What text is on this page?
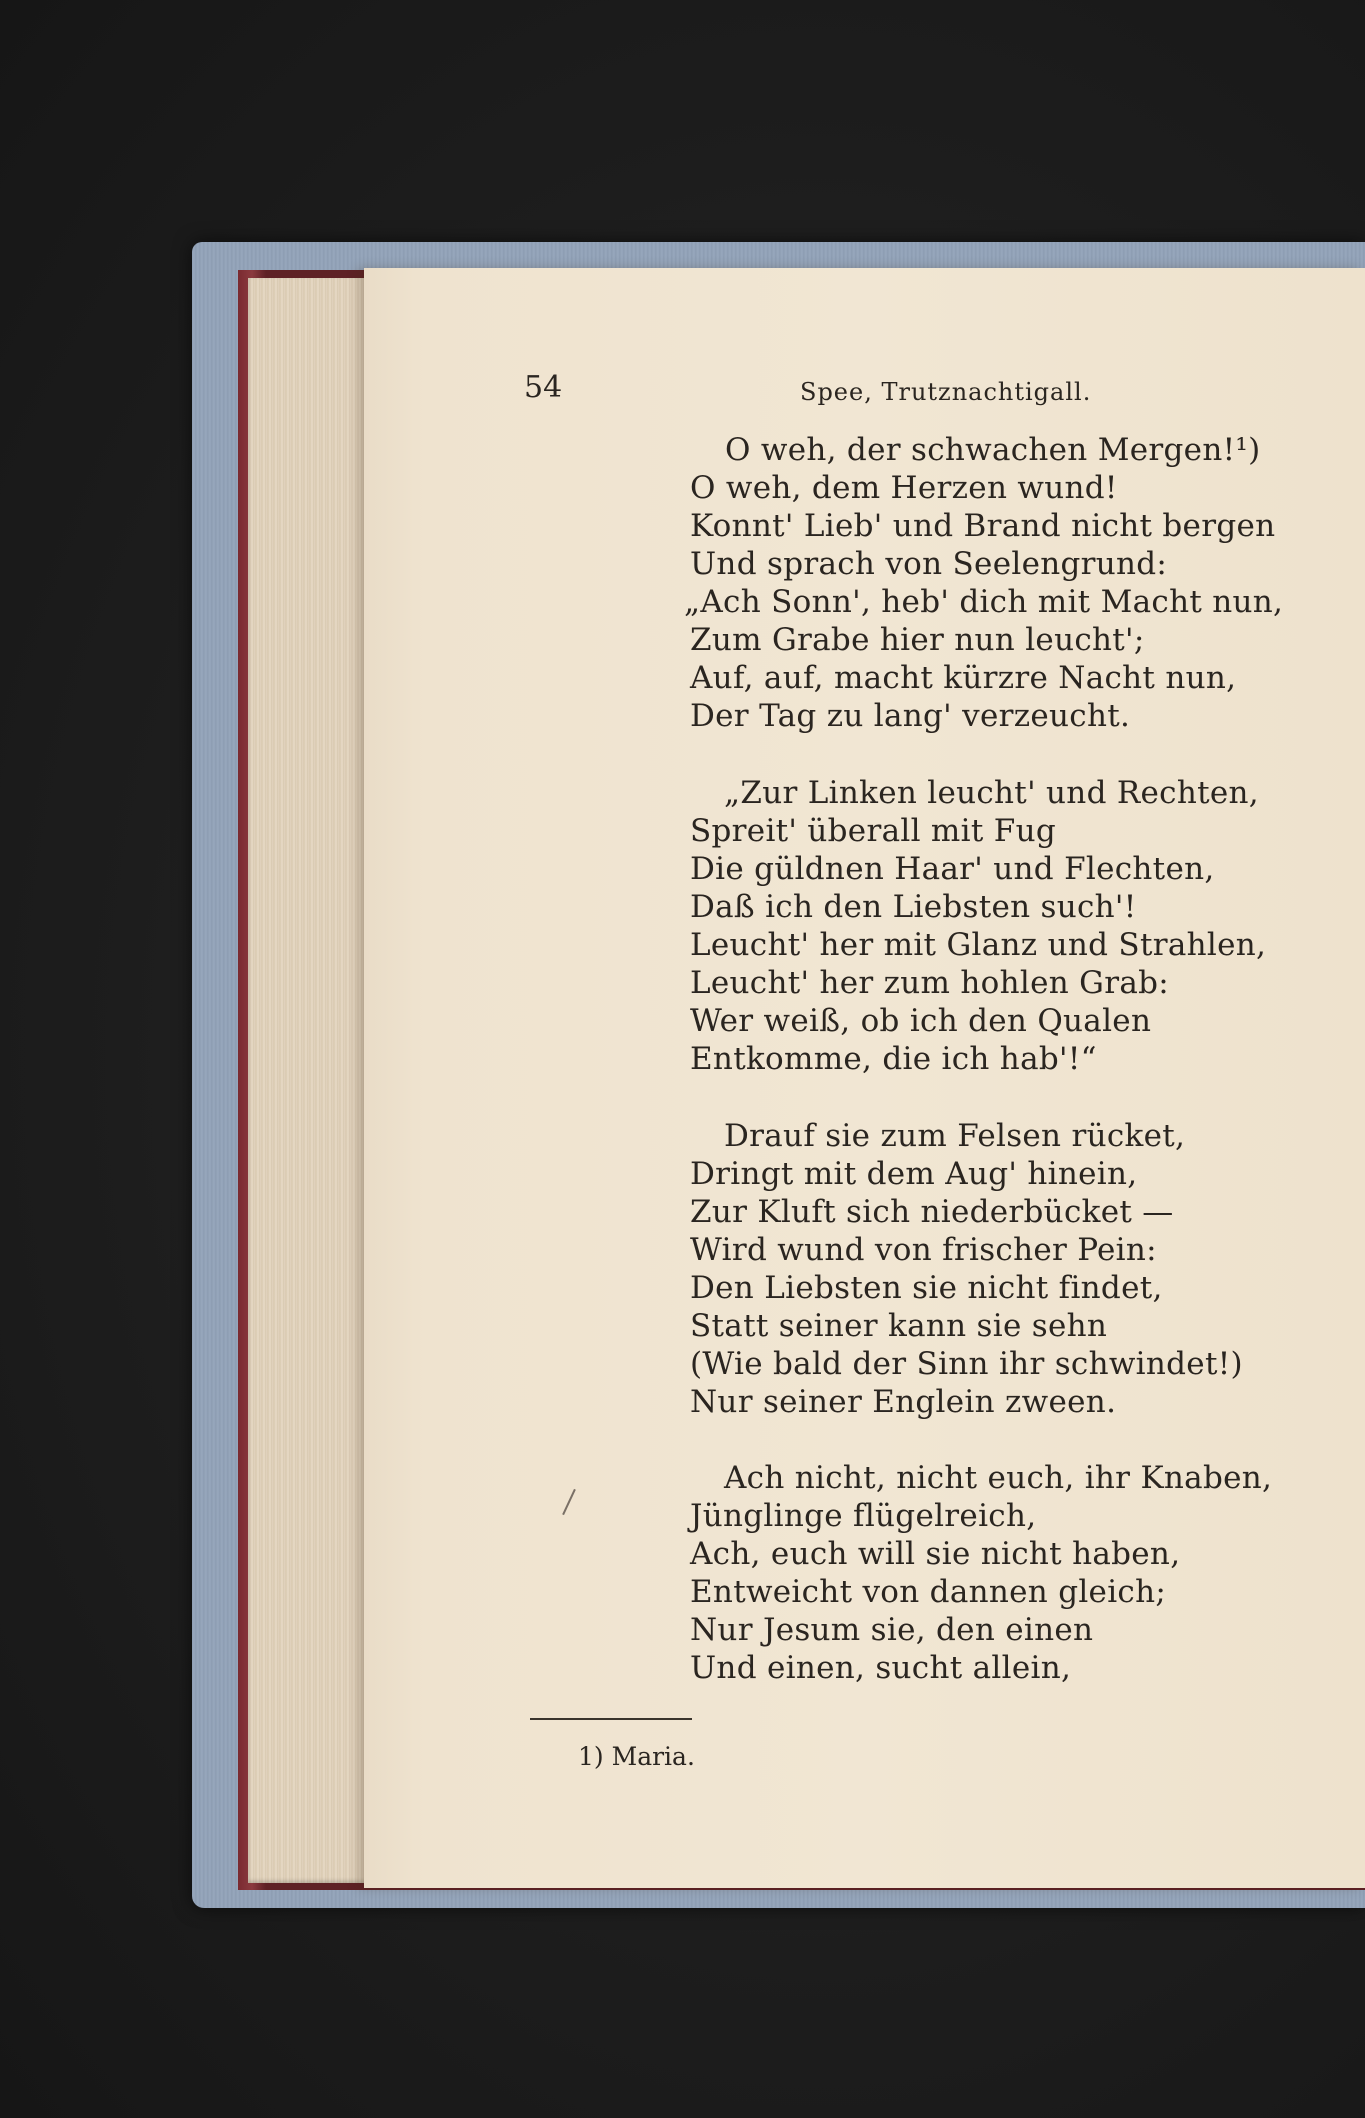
54	Spee, Trutznachtigall.
O weh, der schwachen Mergen!¹)
O weh, dem Herzen wund!
Konnt' Lieb' und Brand nicht bergen
Und sprach von Seelengrund:
„Ach Sonn', heb' dich mit Macht nun,
Zum Grabe hier nun leucht';
Auf, auf, macht kürzre Nacht nun,
Der Tag zu lang' verzeucht.
„Zur Linken leucht' und Rechten,
Spreit' überall mit Fug
Die güldnen Haar' und Flechten,
Daß ich den Liebsten such'!
Leucht' her mit Glanz und Strahlen,
Leucht' her zum hohlen Grab:
Wer weiß, ob ich den Qualen
Entkomme, die ich hab'!“
Drauf sie zum Felsen rücket,
Dringt mit dem Aug' hinein,
Zur Kluft sich niederbücket —
Wird wund von frischer Pein:
Den Liebsten sie nicht findet,
Statt seiner kann sie sehn
(Wie bald der Sinn ihr schwindet!)
Nur seiner Englein zween.
Ach nicht, nicht euch, ihr Knaben,
Jünglinge flügelreich,
Ach, euch will sie nicht haben,
Entweicht von dannen gleich;
Nur Jesum sie, den einen
Und einen, sucht allein,
1) Maria.
